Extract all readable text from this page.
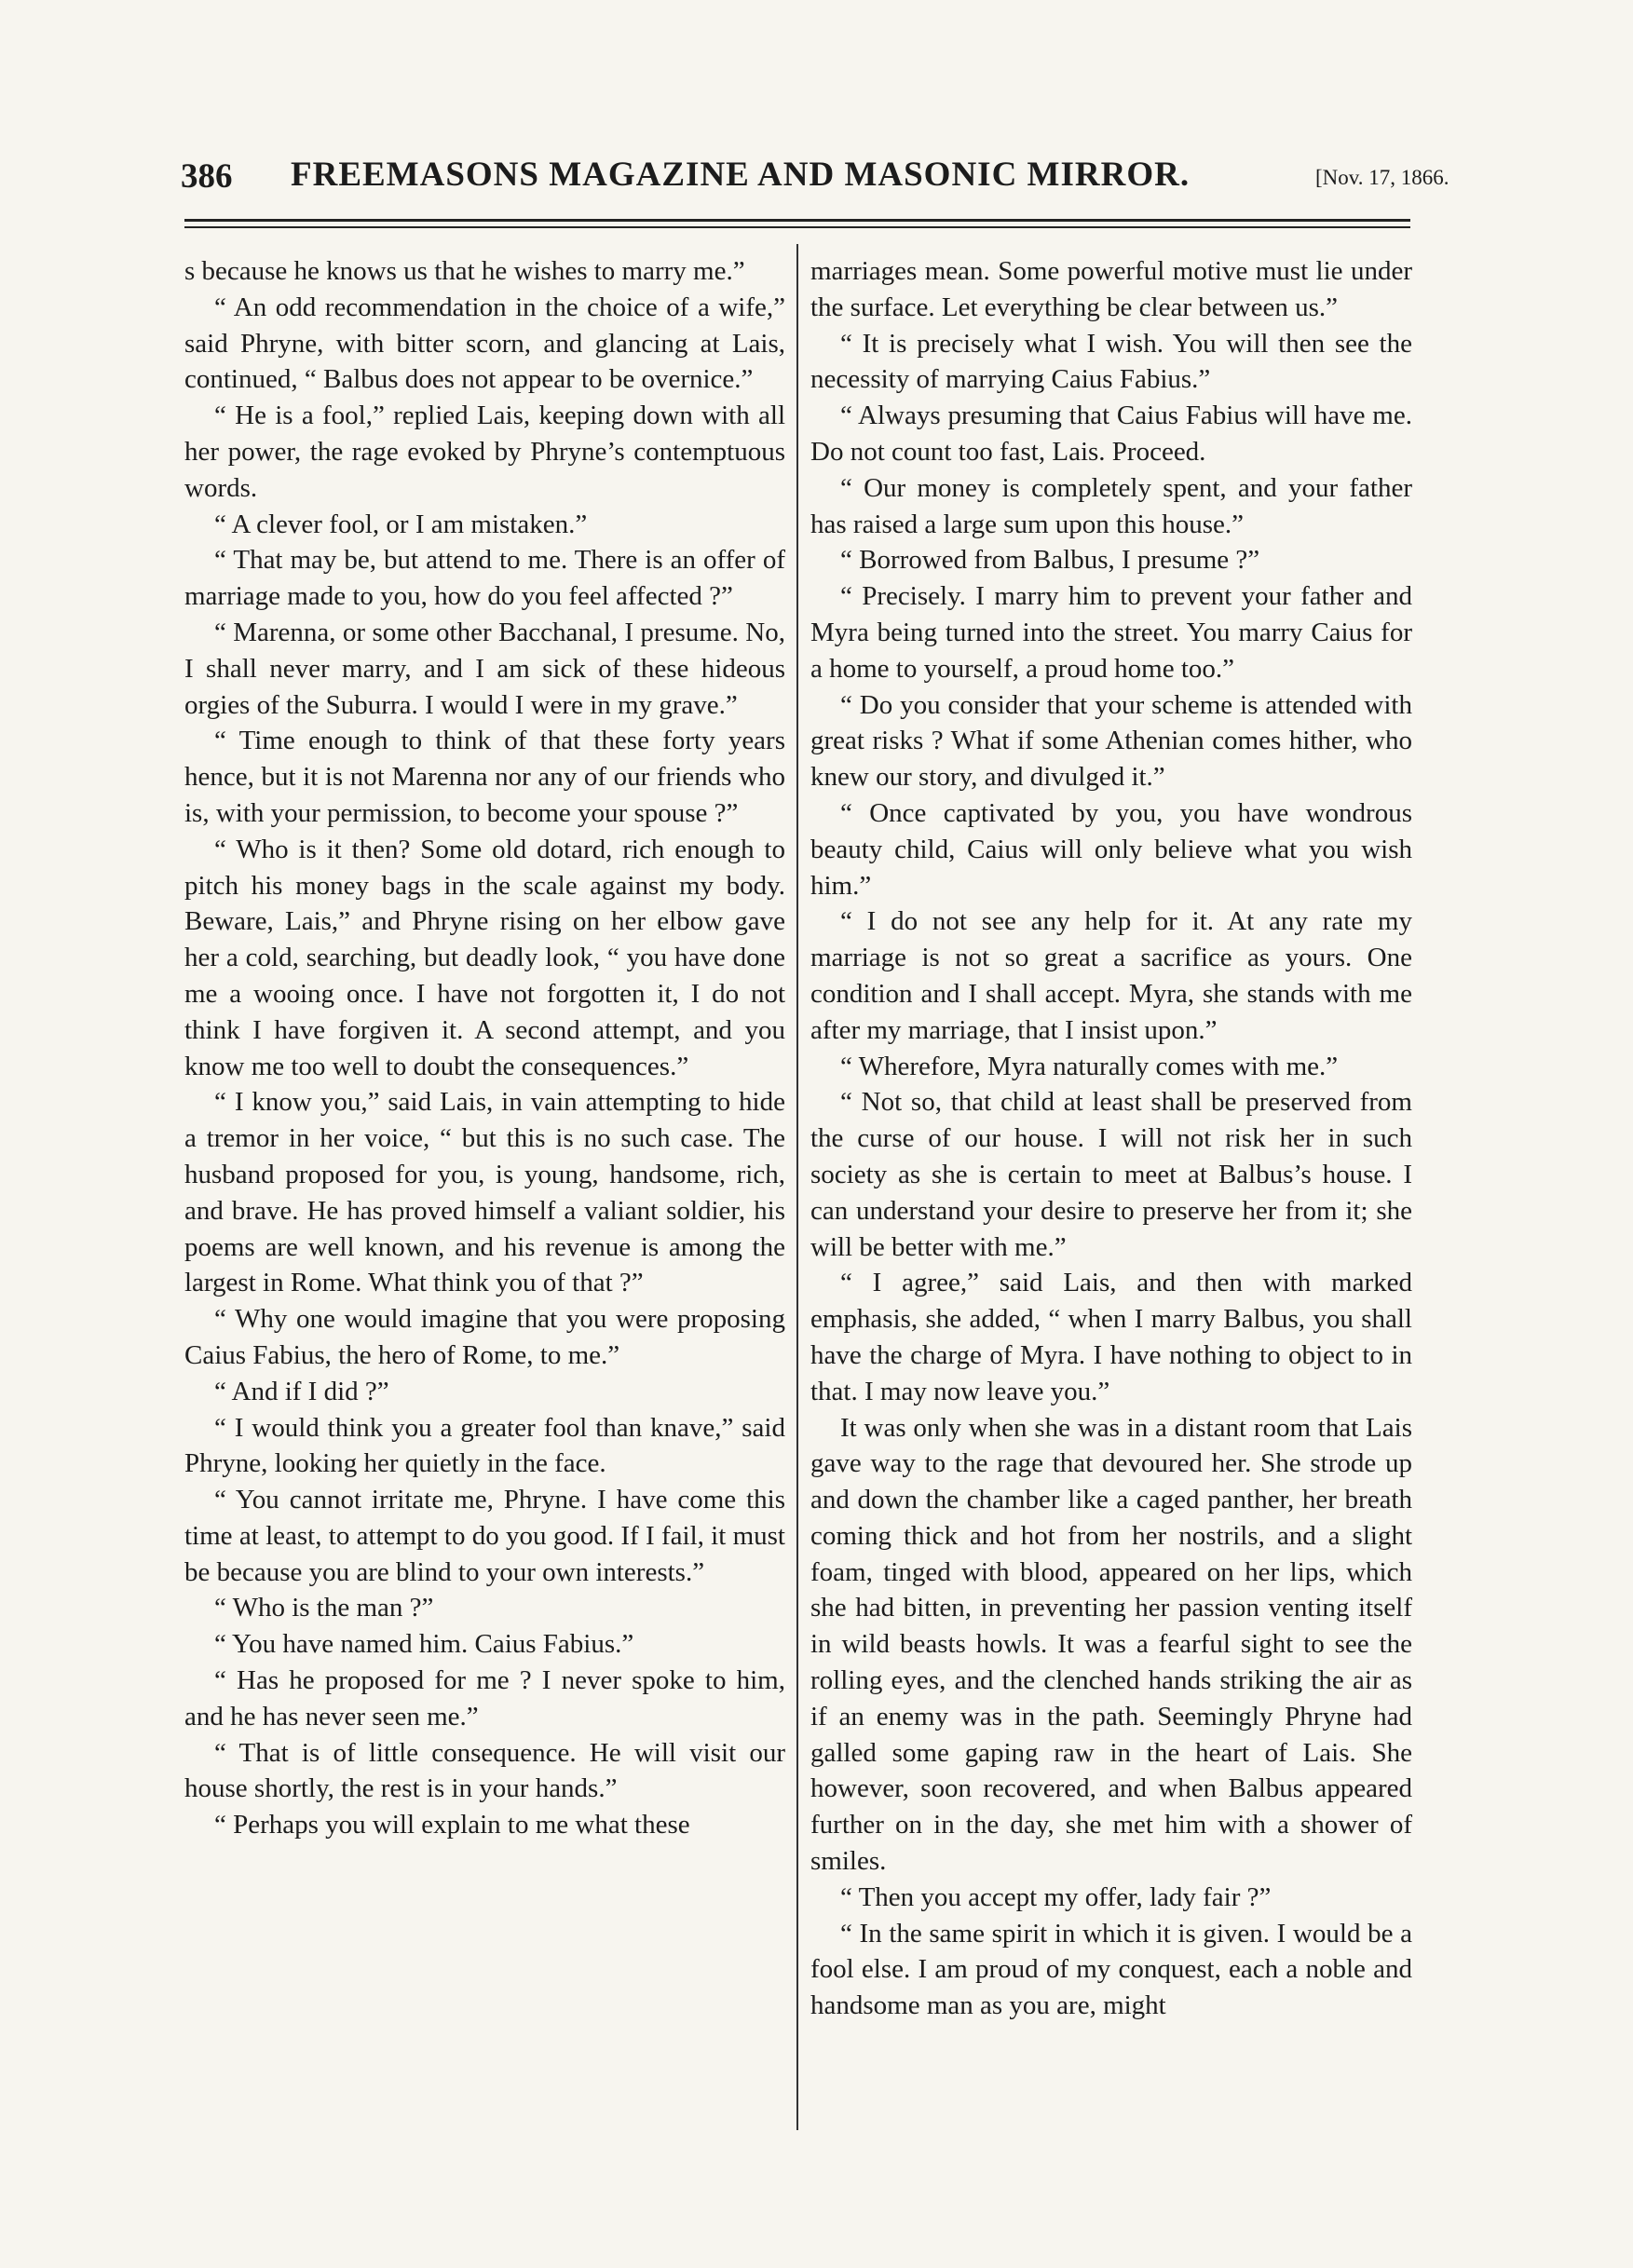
386 FREEMASONS MAGAZINE AND MASONIC MIRROR.	[Nov. 17, 1866.

s because he knows us that he wishes to marry me.”

“ An odd recommendation in the choice of a wife,” said Phryne, with bitter scorn, and glancing at Lais, continued, “ Balbus does not appear to be overnice.”

“ He is a fool,” replied Lais, keeping down with all her power, the rage evoked by Phryne’s contemptuous words.

“ A clever fool, or I am mistaken.”

“ That may be, but attend to me. There is an offer of marriage made to you, how do you feel affected ?”

“ Marenna, or some other Bacchanal, I presume. No, I shall never marry, and I am sick of these hideous orgies of the Suburra. I would I were in my grave.”

“ Time enough to think of that these forty years hence, but it is not Marenna nor any of our friends who is, with your permission, to become your spouse ?”

“ Who is it then? Some old dotard, rich enough to pitch his money bags in the scale against my body. Beware, Lais,” and Phryne rising on her elbow gave her a cold, searching, but deadly look, “ you have done me a wooing once. I have not forgotten it, I do not think I have forgiven it. A second attempt, and you know me too well to doubt the consequences.”

“ I know you,” said Lais, in vain attempting to hide a tremor in her voice, “ but this is no such case. The husband proposed for you, is young, handsome, rich, and brave. He has proved himself a valiant soldier, his poems are well known, and his revenue is among the largest in Rome. What think you of that ?”

“ Why one would imagine that you were proposing Caius Fabius, the hero of Rome, to me.”

“ And if I did ?”

“ I would think you a greater fool than knave,” said Phryne, looking her quietly in the face.

“ You cannot irritate me, Phryne. I have come this time at least, to attempt to do you good. If I fail, it must be because you are blind to your own interests.”

“ Who is the man ?”

“ You have named him. Caius Fabius.”

“ Has he proposed for me ? I never spoke to him, and he has never seen me.”

“ That is of little consequence. He will visit our house shortly, the rest is in your hands.”

“ Perhaps you will explain to me what these

marriages mean. Some powerful motive must lie under the surface. Let everything be clear between us.”

“ It is precisely what I wish. You will then see the necessity of marrying Caius Fabius.”

“ Always presuming that Caius Fabius will have me. Do not count too fast, Lais. Proceed.

“ Our money is completely spent, and your father has raised a large sum upon this house.”

“ Borrowed from Balbus, I presume ?”

“ Precisely. I marry him to prevent your father and Myra being turned into the street. You marry Caius for a home to yourself, a proud home too.”

“ Do you consider that your scheme is attended with great risks ? What if some Athenian comes hither, who knew our story, and divulged it.”

“ Once captivated by you, you have wondrous beauty child, Caius will only believe what you wish him.”

“ I do not see any help for it. At any rate my marriage is not so great a sacrifice as yours. One condition and I shall accept. Myra, she stands with me after my marriage, that I insist upon.”

“ Wherefore, Myra naturally comes with me.”

“ Not so, that child at least shall be preserved from the curse of our house. I will not risk her in such society as she is certain to meet at Balbus’s house. I can understand your desire to preserve her from it; she will be better with me.”

“ I agree,” said Lais, and then with marked emphasis, she added, “ when I marry Balbus, you shall have the charge of Myra. I have nothing to object to in that. I may now leave you.”

It was only when she was in a distant room that Lais gave way to the rage that devoured her. She strode up and down the chamber like a caged panther, her breath coming thick and hot from her nostrils, and a slight foam, tinged with blood, appeared on her lips, which she had bitten, in preventing her passion venting itself in wild beasts howls. It was a fearful sight to see the rolling eyes, and the clenched hands striking the air as if an enemy was in the path. Seemingly Phryne had galled some gaping raw in the heart of Lais. She however, soon recovered, and when Balbus appeared further on in the day, she met him with a shower of smiles.

“ Then you accept my offer, lady fair ?”

“ In the same spirit in which it is given. I would be a fool else. I am proud of my conquest, each a noble and handsome man as you are, might
